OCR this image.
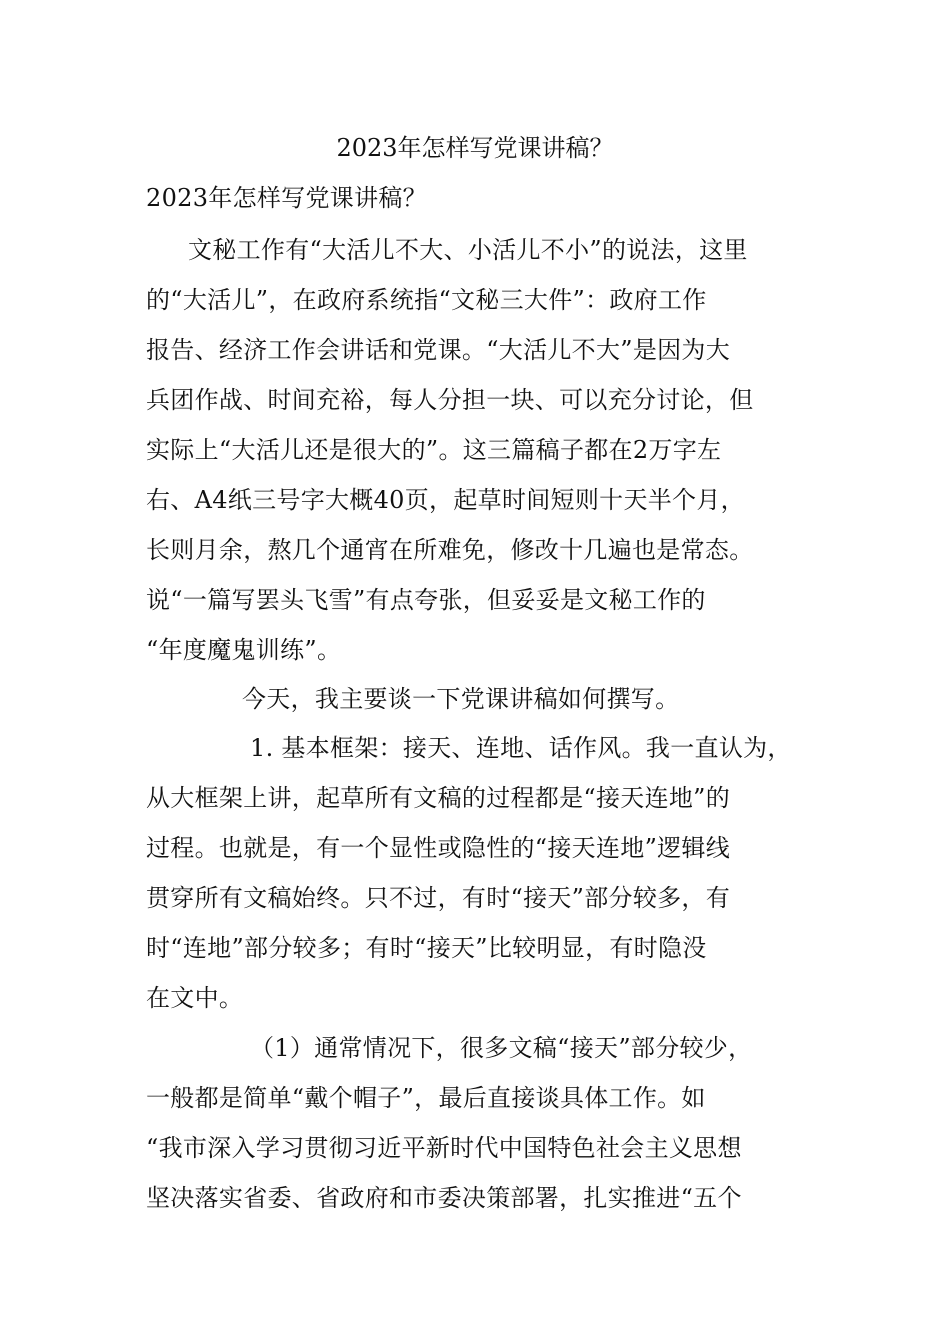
2023年怎样写党课讲稿？
2023年怎样写党课讲稿？
文秘工作有“大活儿不大、小活儿不小”的说法，这里
的“大活儿”，在政府系统指“文秘三大件”：政府工作
报告、经济工作会讲话和党课。“大活儿不大”是因为大
兵团作战、时间充裕，每人分担一块、可以充分讨论，但
实际上“大活儿还是很大的”。这三篇稿子都在2万字左
右、A4纸三号字大概40页，起草时间短则十天半个月，
长则月余，熬几个通宵在所难免，修改十几遍也是常态。
说“一篇写罢头飞雪”有点夸张，但妥妥是文秘工作的
“年度魔鬼训练”。
今天，我主要谈一下党课讲稿如何撰写。
1. 基本框架：接天、连地、话作风。我一直认为，
从大框架上讲，起草所有文稿的过程都是“接天连地”的
过程。也就是，有一个显性或隐性的“接天连地”逻辑线
贯穿所有文稿始终。只不过，有时“接天”部分较多，有
时“连地”部分较多；有时“接天”比较明显，有时隐没
在文中。
（1）通常情况下，很多文稿“接天”部分较少，
一般都是简单“戴个帽子”，最后直接谈具体工作。如
“我市深入学习贯彻习近平新时代中国特色社会主义思想
坚决落实省委、省政府和市委决策部署，扎实推进“五个
